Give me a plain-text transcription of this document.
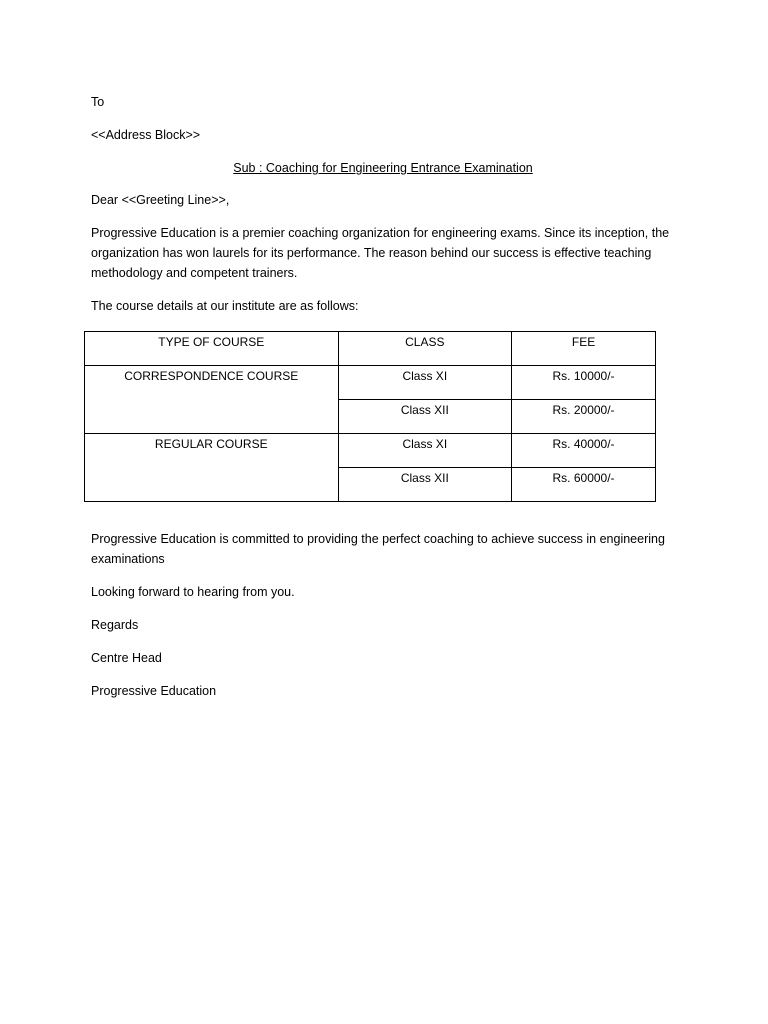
To
<<Address Block>>
Sub : Coaching for Engineering Entrance Examination
Dear <<Greeting Line>>,
Progressive Education is a premier coaching organization for engineering exams. Since its inception, the
organization has won laurels for its performance. The reason behind our success is effective teaching
methodology and competent trainers.
The course details at our institute are as follows:
TYPE OF COURSE	CLASS	FEE
CORRESPONDENCE COURSE	Class XI	Rs. 10000/-
	Class XII	Rs. 20000/-
REGULAR COURSE	Class XI	Rs. 40000/-
	Class XII	Rs. 60000/-
Progressive Education is committed to providing the perfect coaching to achieve success in engineering
examinations
Looking forward to hearing from you.
Regards
Centre Head
Progressive Education
